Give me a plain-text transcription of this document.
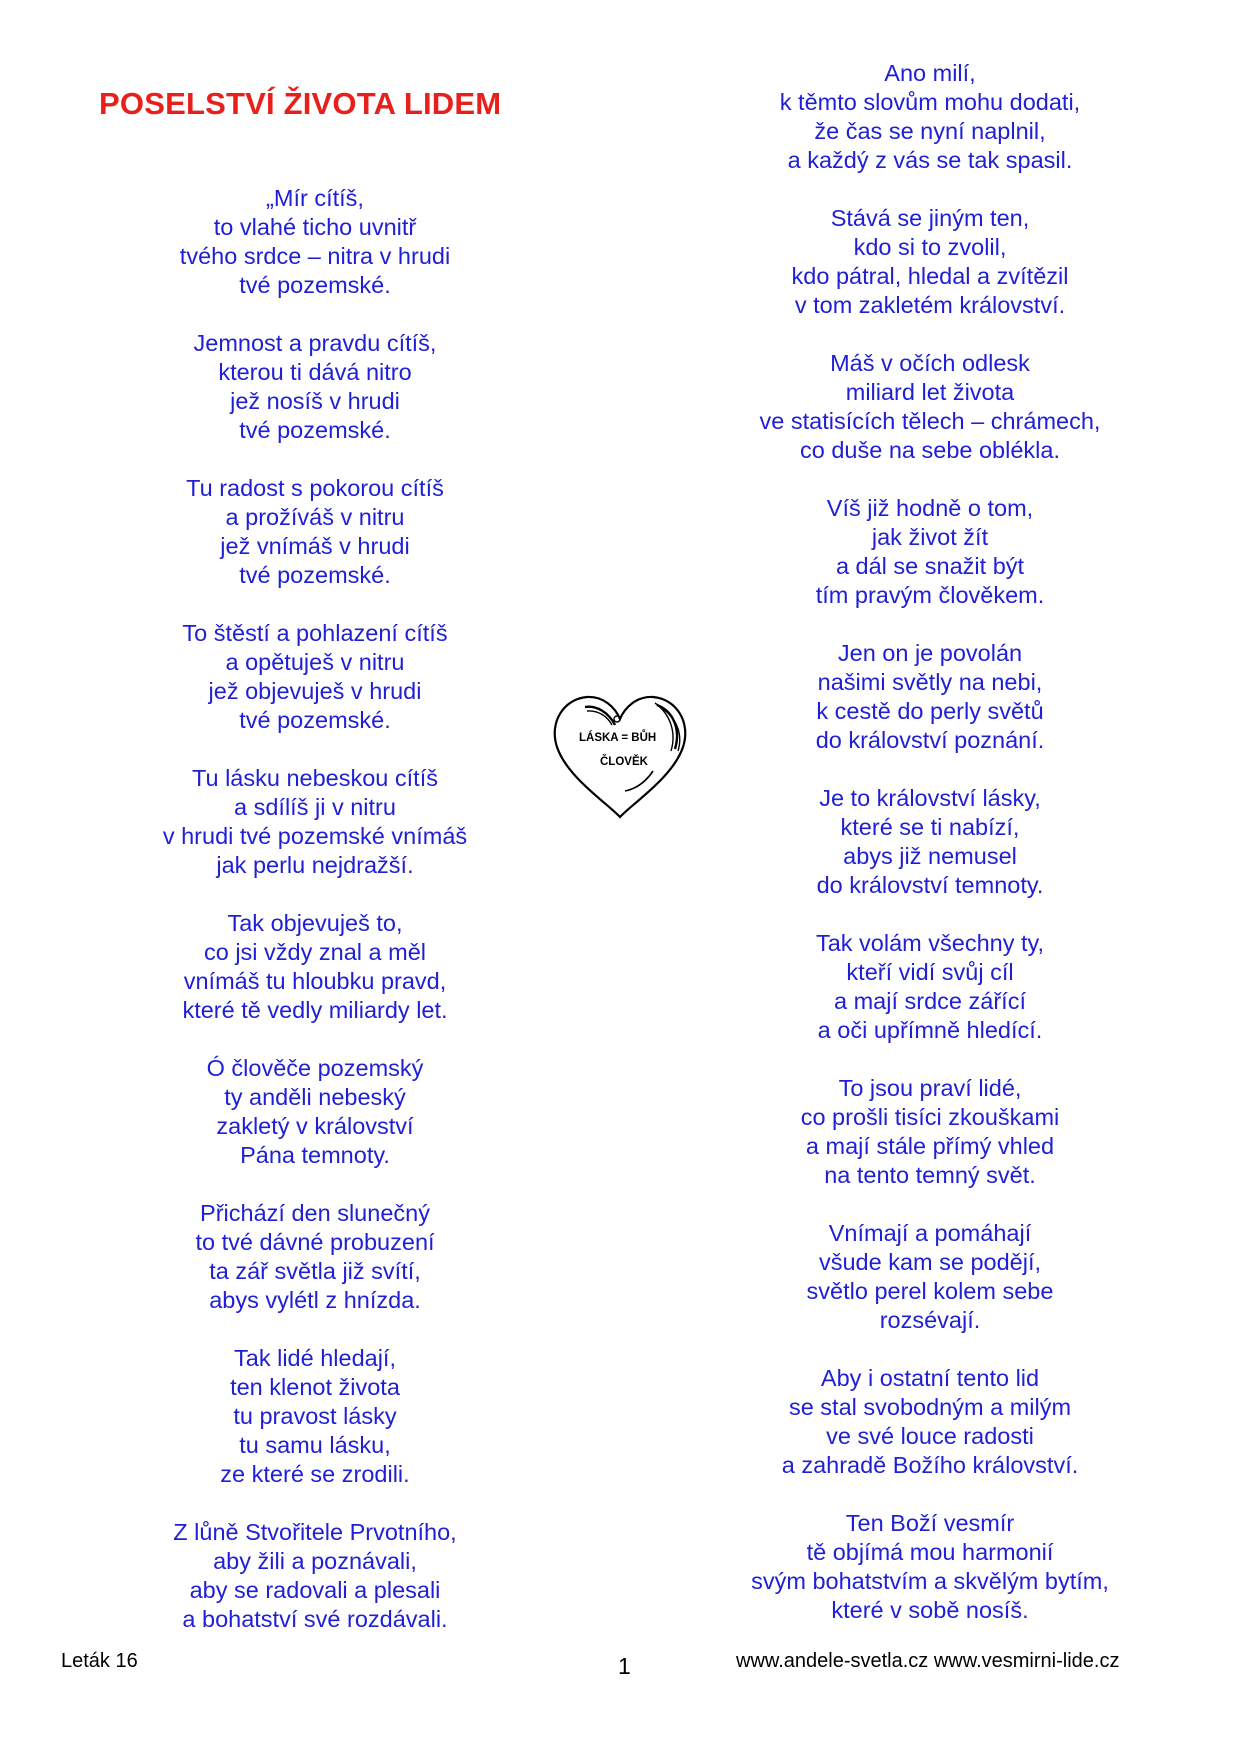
POSELSTVÍ ŽIVOTA LIDEM
„Mír cítíš,
to vlahé ticho uvnitř
tvého srdce – nitra v hrudi
tvé pozemské.
Jemnost a pravdu cítíš,
kterou ti dává nitro
jež nosíš v hrudi
tvé pozemské.
Tu radost s pokorou cítíš
a prožíváš v nitru
jež vnímáš v hrudi
tvé pozemské.
To štěstí a pohlazení cítíš
a opětuješ v nitru
jež objevuješ v hrudi
tvé pozemské.
Tu lásku nebeskou cítíš
a sdílíš ji v nitru
v hrudi tvé pozemské vnímáš
jak perlu nejdražší.
Tak objevuješ to,
co jsi vždy znal a měl
vnímáš tu hloubku pravd,
které tě vedly miliardy let.
Ó člověče pozemský
ty anděli nebeský
zakletý v království
Pána temnoty.
Přichází den slunečný
to tvé dávné probuzení
ta zář světla již svítí,
abys vylétl z hnízda.
Tak lidé hledají,
ten klenot života
tu pravost lásky
tu samu lásku,
ze které se zrodili.
Z lůně Stvořitele Prvotního,
aby žili a poznávali,
aby se radovali a plesali
a bohatství své rozdávali.
Ano milí,
k těmto slovům mohu dodati,
že čas se nyní naplnil,
a každý z vás se tak spasil.
Stává se jiným ten,
kdo si to zvolil,
kdo pátral, hledal a zvítězil
v tom zakletém království.
Máš v očích odlesk
miliard let života
ve statisících tělech – chrámech,
co duše na sebe oblékla.
Víš již hodně o tom,
jak život žít
a dál se snažit být
tím pravým člověkem.
Jen on je povolán
našimi světly na nebi,
k cestě do perly světů
do království poznání.
Je to království lásky,
které se ti nabízí,
abys již nemusel
do království temnoty.
Tak volám všechny ty,
kteří vidí svůj cíl
a mají srdce zářící
a oči upřímně hledící.
To jsou praví lidé,
co prošli tisíci zkouškami
a mají stále přímý vhled
na tento temný svět.
Vnímají a pomáhají
všude kam se podějí,
světlo perel kolem sebe
rozsévají.
Aby i ostatní tento lid
se stal svobodným a milým
ve své louce radosti
a zahradě Božího království.
Ten Boží vesmír
tě objímá mou harmonií
svým bohatstvím a skvělým bytím,
které v sobě nosíš.
LÁSKA = BŮH
ČLOVĚK
Leták 16	1	www.andele-svetla.cz www.vesmirni-lide.cz
